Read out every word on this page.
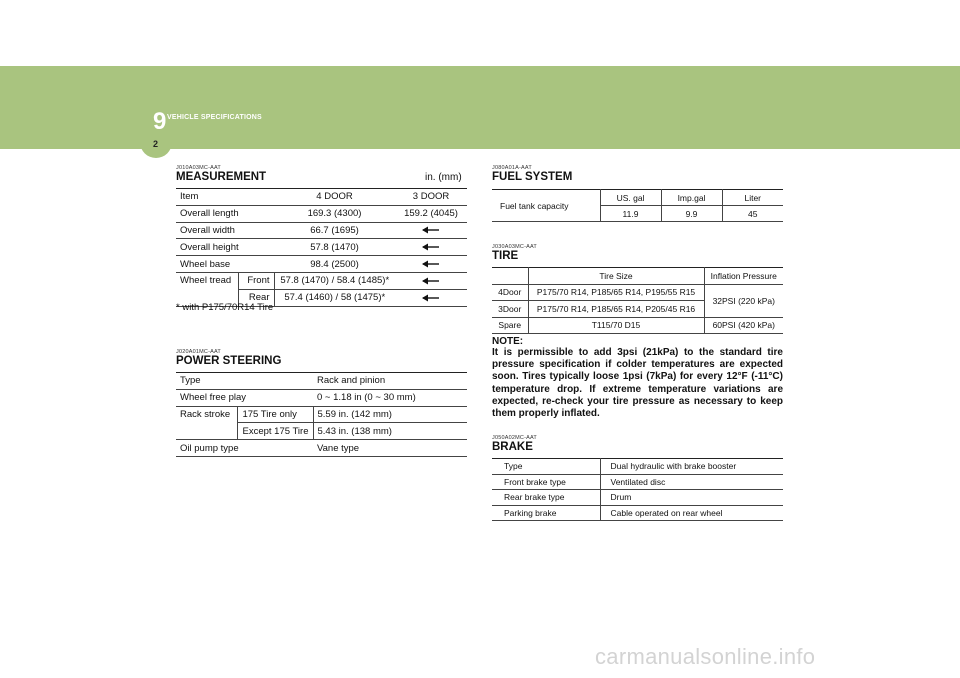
9 VEHICLE SPECIFICATIONS
2
J010A03MC-AAT
MEASUREMENT	in. (mm)
Item		4 DOOR	3 DOOR
Overall length		169.3 (4300)	159.2 (4045)
Overall width		66.7 (1695)	
Overall height		57.8 (1470)	
Wheel base		98.4 (2500)	
Wheel tread	Front	57.8 (1470) / 58.4 (1485)*	
	Rear	57.4 (1460) / 58 (1475)*	
* with P175/70R14 Tire
J020A01MC-AAT
POWER STEERING
Type		Rack and pinion
Wheel free play		0 ~ 1.18 in (0 ~ 30 mm)
Rack stroke	175 Tire only	5.59 in. (142 mm)
	Except 175 Tire	5.43 in. (138 mm)
Oil pump type		Vane type
J080A01A-AAT
FUEL SYSTEM
Fuel tank capacity	US. gal	Imp.gal	Liter
	11.9	9.9	45
J030A03MC-AAT
TIRE
	Tire Size	Inflation Pressure
4Door	P175/70 R14, P185/65 R14, P195/55 R15	32PSI (220 kPa)
3Door	P175/70 R14, P185/65 R14, P205/45 R16	
Spare	T115/70 D15	60PSI (420 kPa)
NOTE:
It is permissible to add 3psi (21kPa) to the standard tire pressure specification if colder temperatures are expected soon. Tires typically loose 1psi (7kPa) for every 12°F (-11°C) temperature drop. If extreme temperature variations are expected, re-check your tire pressure as necessary to keep them properly inflated.
J050A02MC-AAT
BRAKE
Type	Dual hydraulic with brake booster
Front brake type	Ventilated disc
Rear brake type	Drum
Parking brake	Cable operated on rear wheel
carmanualsonline.info
